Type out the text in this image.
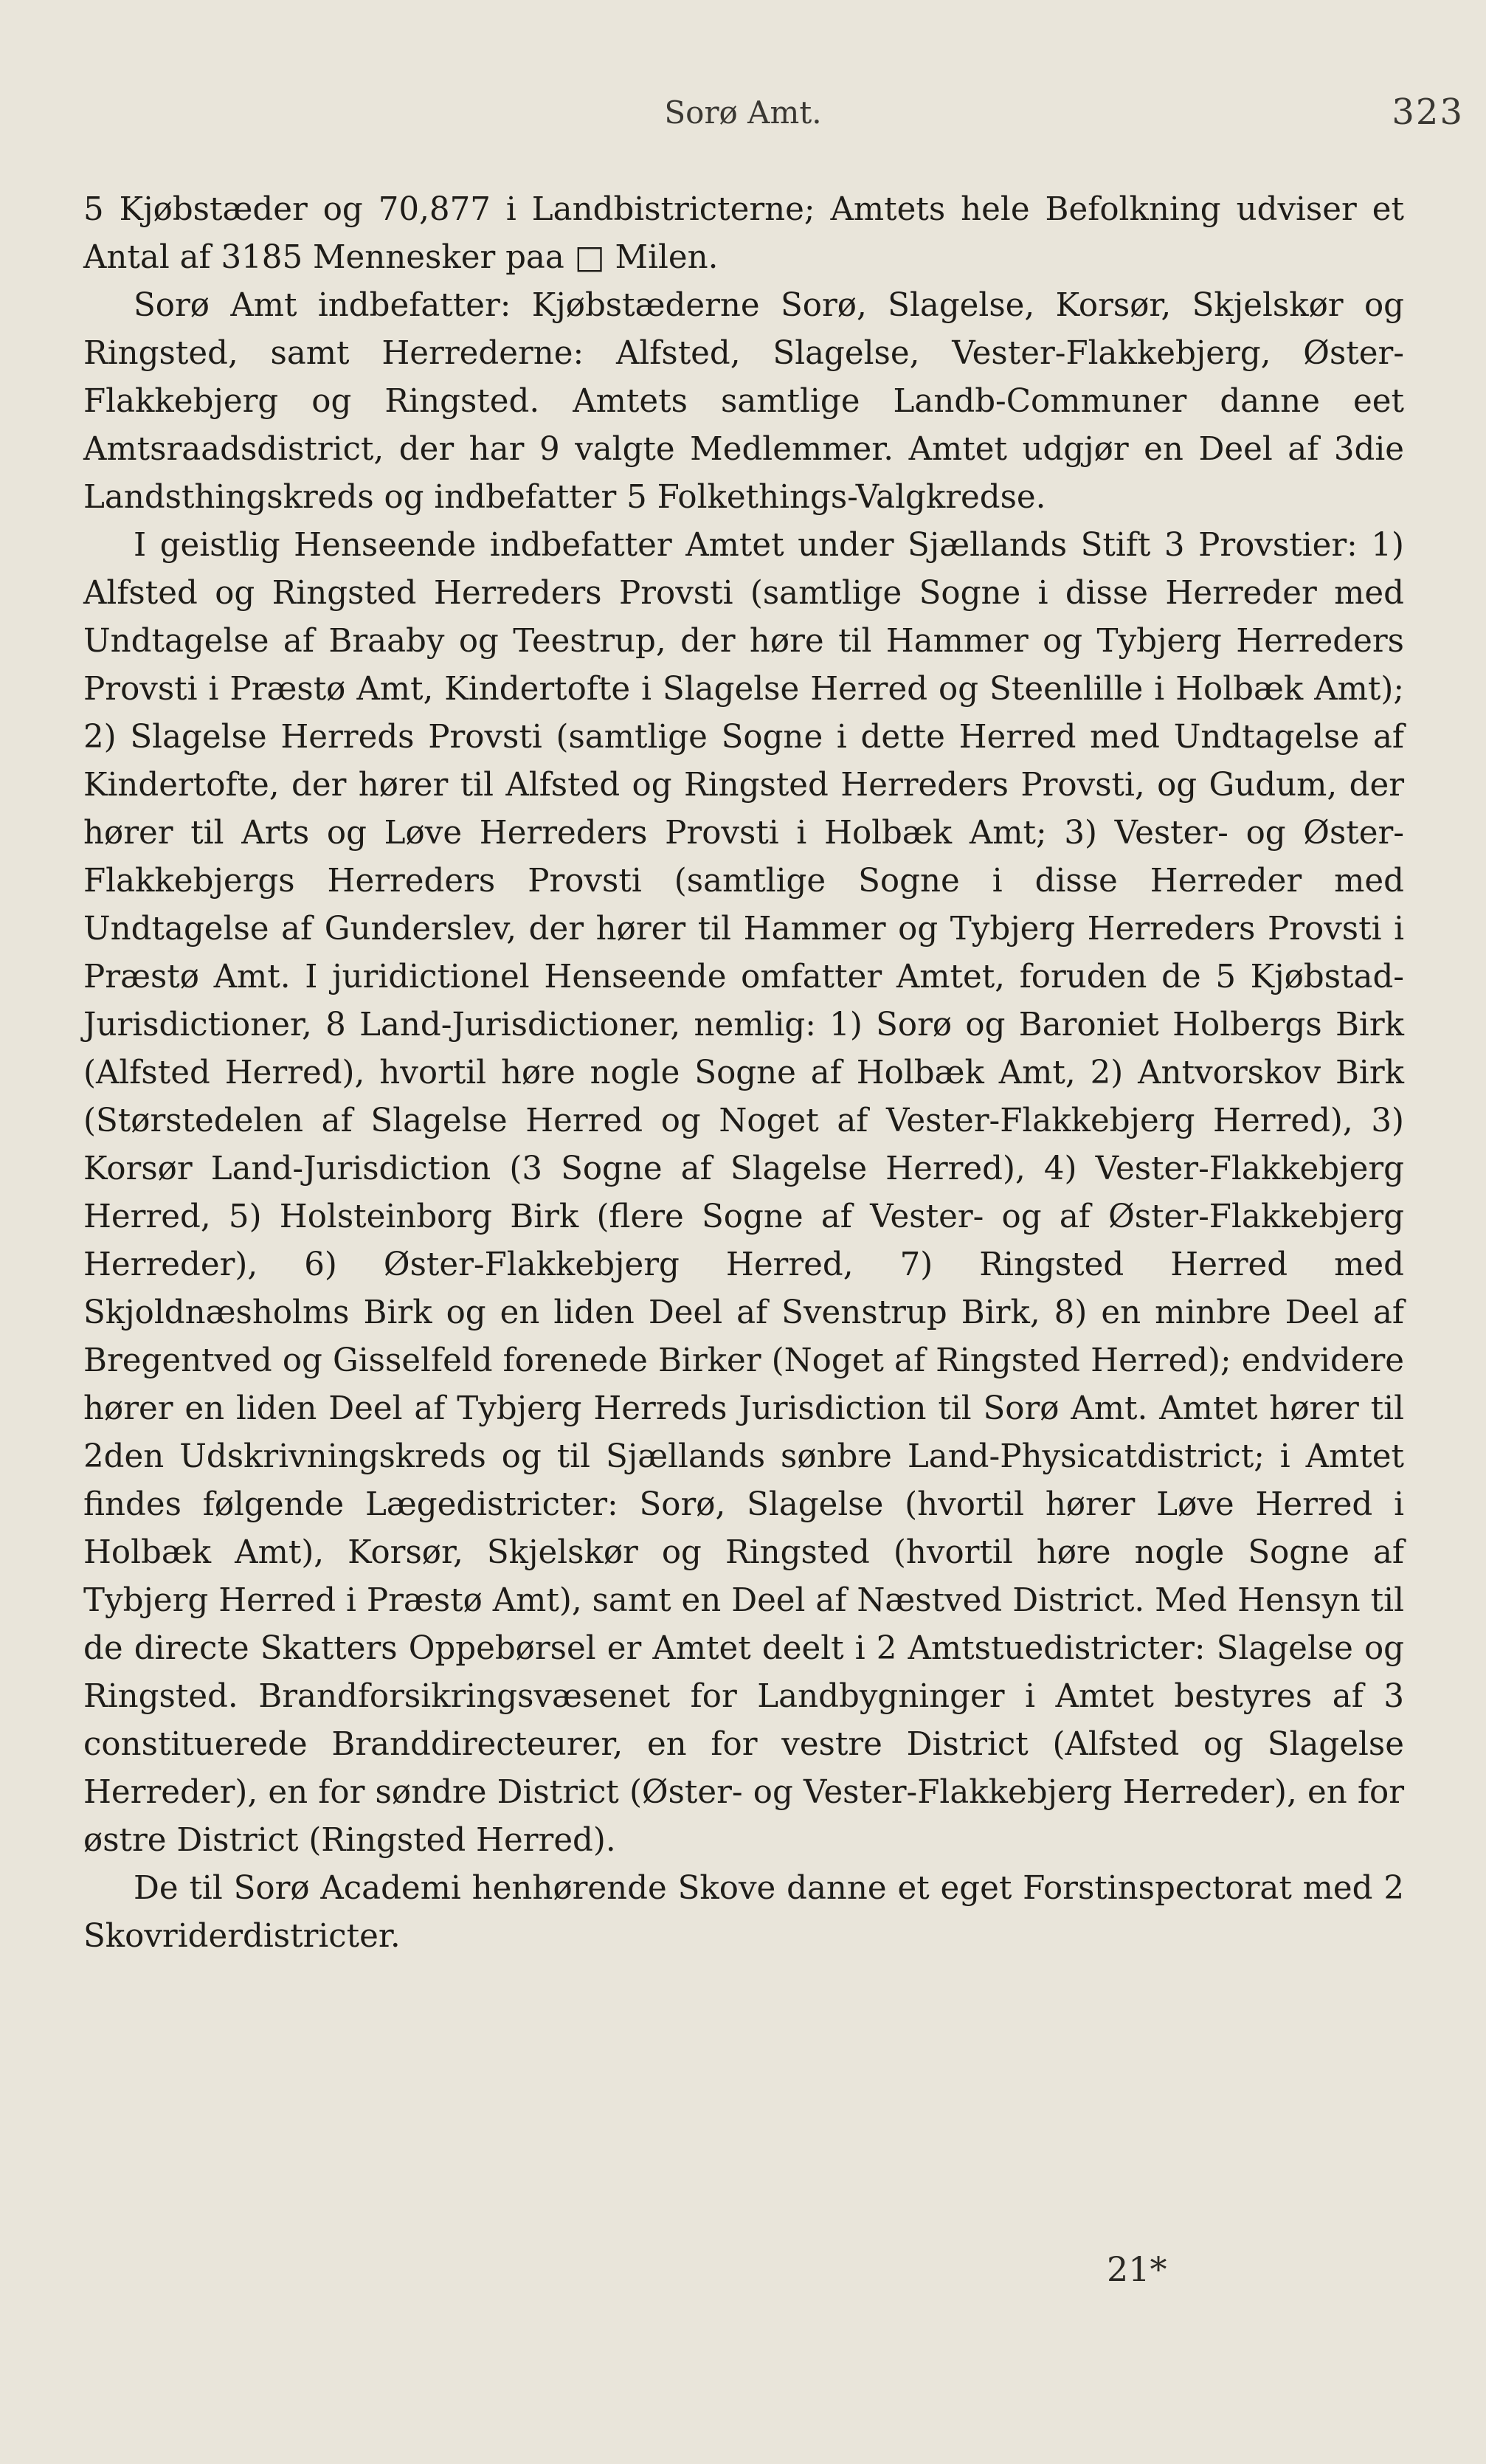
Sorø Amt.	323

5 Kjøbstæder og 70,877 i Landbistricterne; Amtets hele Befolkning udviser et Antal af 3185 Mennesker paa □ Milen.

Sorø Amt indbefatter: Kjøbstæderne Sorø, Slagelse, Korsør, Skjelskør og Ringsted, samt Herrederne: Alfsted, Slagelse, Vester-Flakkebjerg, Øster-Flakkebjerg og Ringsted. Amtets samtlige Landb-Communer danne eet Amtsraadsdistrict, der har 9 valgte Medlemmer. Amtet udgjør en Deel af 3die Landsthingskreds og indbefatter 5 Folkethings-Valgkredse.

I geistlig Henseende indbefatter Amtet under Sjællands Stift 3 Provstier: 1) Alfsted og Ringsted Herreders Provsti (samtlige Sogne i disse Herreder med Undtagelse af Braaby og Teestrup, der høre til Hammer og Tybjerg Herreders Provsti i Præstø Amt, Kindertofte i Slagelse Herred og Steenlille i Holbæk Amt); 2) Slagelse Herreds Provsti (samtlige Sogne i dette Herred med Undtagelse af Kindertofte, der hører til Alfsted og Ringsted Herreders Provsti, og Gudum, der hører til Arts og Løve Herreders Provsti i Holbæk Amt; 3) Vester- og Øster-Flakkebjergs Herreders Provsti (samtlige Sogne i disse Herreder med Undtagelse af Gunderslev, der hører til Hammer og Tybjerg Herreders Provsti i Præstø Amt. I juridictionel Henseende omfatter Amtet, foruden de 5 Kjøbstad-Jurisdictioner, 8 Land-Jurisdictioner, nemlig: 1) Sorø og Baroniet Holbergs Birk (Alfsted Herred), hvortil høre nogle Sogne af Holbæk Amt, 2) Antvorskov Birk (Størstedelen af Slagelse Herred og Noget af Vester-Flakkebjerg Herred), 3) Korsør Land-Jurisdiction (3 Sogne af Slagelse Herred), 4) Vester-Flakkebjerg Herred, 5) Holsteinborg Birk (flere Sogne af Vester- og af Øster-Flakkebjerg Herreder), 6) Øster-Flakkebjerg Herred, 7) Ringsted Herred med Skjoldnæsholms Birk og en liden Deel af Svenstrup Birk, 8) en minbre Deel af Bregentved og Gisselfeld forenede Birker (Noget af Ringsted Herred); endvidere hører en liden Deel af Tybjerg Herreds Jurisdiction til Sorø Amt. Amtet hører til 2den Udskrivningskreds og til Sjællands sønbre Land-Physicatdistrict; i Amtet findes følgende Lægedistricter: Sorø, Slagelse (hvortil hører Løve Herred i Holbæk Amt), Korsør, Skjelskør og Ringsted (hvortil høre nogle Sogne af Tybjerg Herred i Præstø Amt), samt en Deel af Næstved District. Med Hensyn til de directe Skatters Oppebørsel er Amtet deelt i 2 Amtstuedistricter: Slagelse og Ringsted. Brandforsikringsvæsenet for Landbygninger i Amtet bestyres af 3 constituerede Branddirecteurer, en for vestre District (Alfsted og Slagelse Herreder), en for søndre District (Øster- og Vester-Flakkebjerg Herreder), en for østre District (Ringsted Herred).

De til Sorø Academi henhørende Skove danne et eget Forstinspectorat med 2 Skovriderdistricter.

21*
